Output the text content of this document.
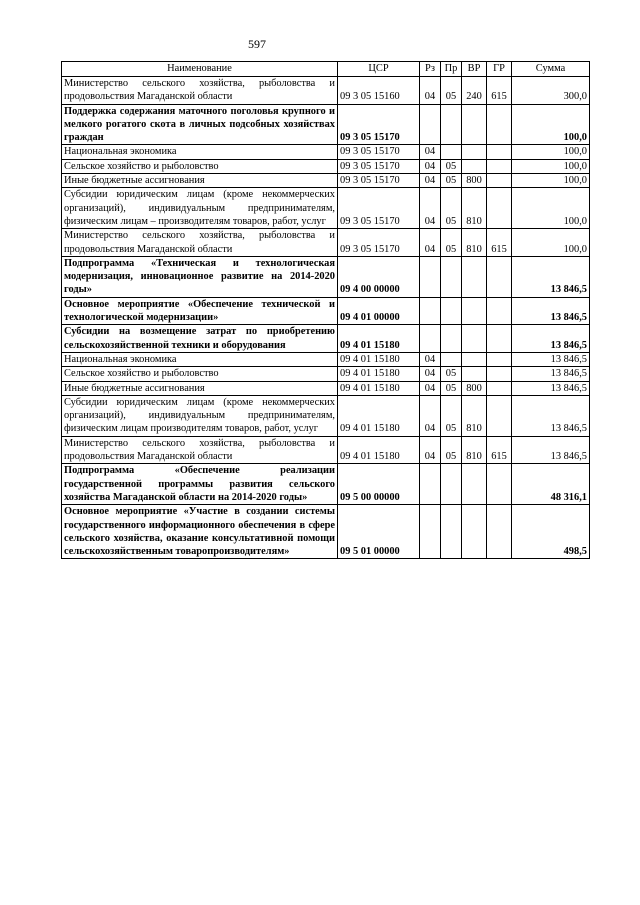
597
Наименование	ЦСР	Рз	Пр	ВР	ГР	Сумма
Министерство сельского хозяйства, рыболовства и продовольствия Магаданской области	09 3 05 15160	04	05	240	615	300,0
Поддержка содержания маточного поголовья крупного и мелкого рогатого скота в личных подсобных хозяйствах граждан	09 3 05 15170					100,0
Национальная экономика	09 3 05 15170	04				100,0
Сельское хозяйство и рыболовство	09 3 05 15170	04	05			100,0
Иные бюджетные ассигнования	09 3 05 15170	04	05	800		100,0
Субсидии юридическим лицам (кроме некоммерческих организаций), индивидуальным предпринимателям, физическим лицам – производителям товаров, работ, услуг	09 3 05 15170	04	05	810		100,0
Министерство сельского хозяйства, рыболовства и продовольствия Магаданской области	09 3 05 15170	04	05	810	615	100,0
Подпрограмма «Техническая и технологическая модернизация, инновационное развитие на 2014-2020 годы»	09 4 00 00000					13 846,5
Основное мероприятие «Обеспечение технической и технологической модернизации»	09 4 01 00000					13 846,5
Субсидии на возмещение затрат по приобретению сельскохозяйственной техники и оборудования	09 4 01 15180					13 846,5
Национальная экономика	09 4 01 15180	04				13 846,5
Сельское хозяйство и рыболовство	09 4 01 15180	04	05			13 846,5
Иные бюджетные ассигнования	09 4 01 15180	04	05	800		13 846,5
Субсидии юридическим лицам (кроме некоммерческих организаций), индивидуальным предпринимателям, физическим лицам производителям товаров, работ, услуг	09 4 01 15180	04	05	810		13 846,5
Министерство сельского хозяйства, рыболовства и продовольствия Магаданской области	09 4 01 15180	04	05	810	615	13 846,5
Подпрограмма «Обеспечение реализации государственной программы развития сельского хозяйства Магаданской области на 2014-2020 годы»	09 5 00 00000					48 316,1
Основное мероприятие «Участие в создании системы государственного информационного обеспечения в сфере сельского хозяйства, оказание консультативной помощи сельскохозяйственным товаропроизводителям»	09 5 01 00000					498,5
